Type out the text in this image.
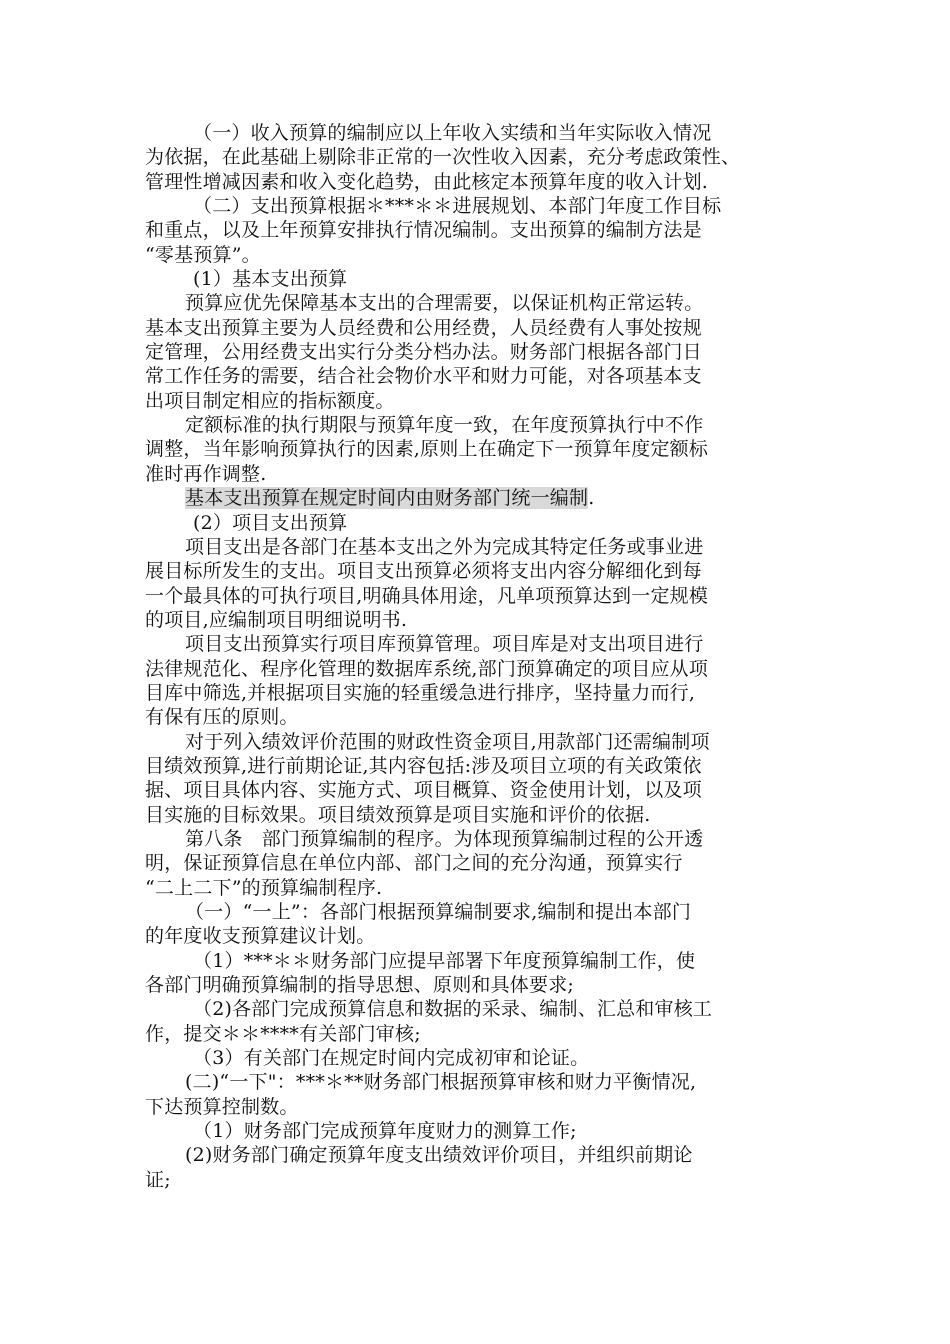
（一）收入预算的编制应以上年收入实绩和当年实际收入情况
为依据，在此基础上剔除非正常的一次性收入因素，充分考虑政策性、
管理性增减因素和收入变化趋势，由此核定本预算年度的收入计划.
（二）支出预算根据＊***＊＊进展规划、本部门年度工作目标
和重点，以及上年预算安排执行情况编制。支出预算的编制方法是
“零基预算”。
(1）基本支出预算
预算应优先保障基本支出的合理需要，以保证机构正常运转。
基本支出预算主要为人员经费和公用经费，人员经费有人事处按规
定管理，公用经费支出实行分类分档办法。财务部门根据各部门日
常工作任务的需要，结合社会物价水平和财力可能，对各项基本支
出项目制定相应的指标额度。
定额标准的执行期限与预算年度一致，在年度预算执行中不作
调整，当年影响预算执行的因素,原则上在确定下一预算年度定额标
准时再作调整.
基本支出预算在规定时间内由财务部门统一编制.
(2）项目支出预算
项目支出是各部门在基本支出之外为完成其特定任务或事业进
展目标所发生的支出。项目支出预算必须将支出内容分解细化到每
一个最具体的可执行项目,明确具体用途，凡单项预算达到一定规模
的项目,应编制项目明细说明书.
项目支出预算实行项目库预算管理。项目库是对支出项目进行
法律规范化、程序化管理的数据库系统,部门预算确定的项目应从项
目库中筛选,并根据项目实施的轻重缓急进行排序，坚持量力而行,
有保有压的原则。
对于列入绩效评价范围的财政性资金项目,用款部门还需编制项
目绩效预算,进行前期论证,其内容包括:涉及项目立项的有关政策依
据、项目具体内容、实施方式、项目概算、资金使用计划，以及项
目实施的目标效果。项目绩效预算是项目实施和评价的依据.
第八条　部门预算编制的程序。为体现预算编制过程的公开透
明，保证预算信息在单位内部、部门之间的充分沟通，预算实行
“二上二下”的预算编制程序.
（一）“一上”：各部门根据预算编制要求,编制和提出本部门
的年度收支预算建议计划。
（1）***＊＊财务部门应提早部署下年度预算编制工作，使
各部门明确预算编制的指导思想、原则和具体要求;
（2)各部门完成预算信息和数据的采录、编制、汇总和审核工
作，提交＊＊****有关部门审核;
（3）有关部门在规定时间内完成初审和论证。
(二)“一下"：***＊**财务部门根据预算审核和财力平衡情况,
下达预算控制数。
（1）财务部门完成预算年度财力的测算工作;
(2)财务部门确定预算年度支出绩效评价项目，并组织前期论
证;
